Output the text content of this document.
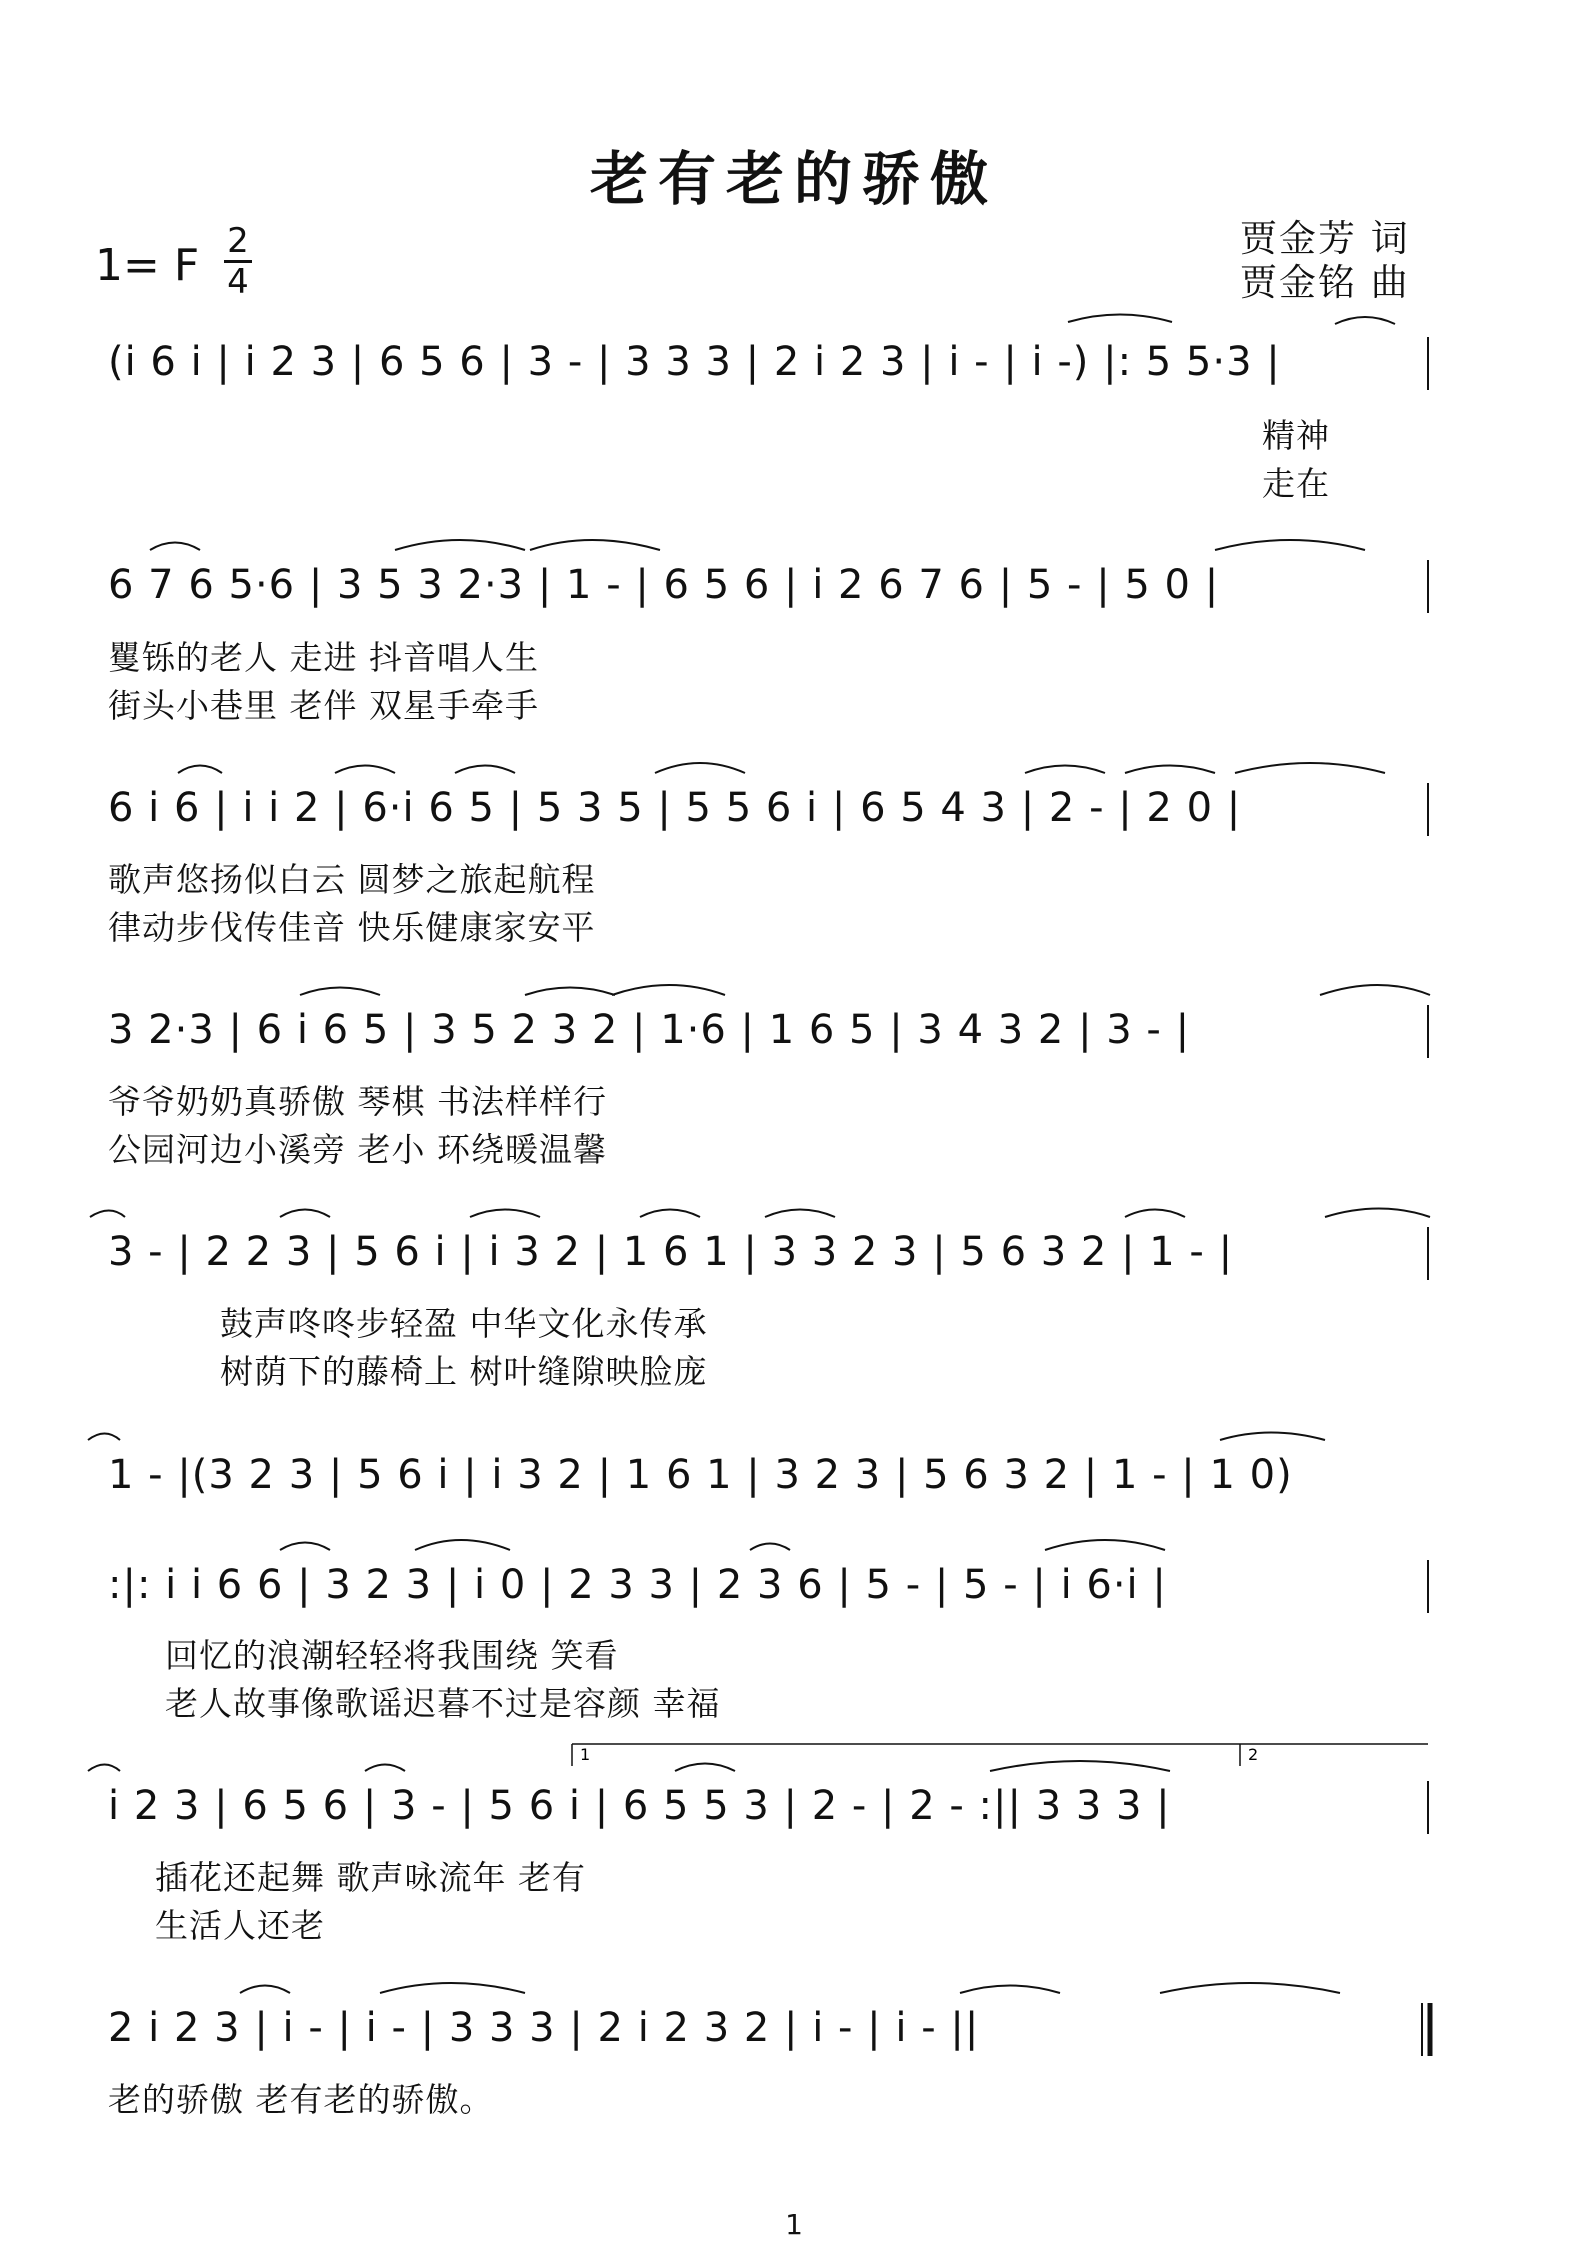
老有老的骄傲
1= F 2
4
贾金芳 词
贾金铭 曲
(i 6 i | i 2 3 | 6 5 6 | 3 - | 3 3 3 | 2 i 2 3 | i - | i -) |: 5 5·3 |
精神
走在
6 7 6 5·6 | 3 5 3 2·3 | 1 - | 6 5 6 | i 2 6 7 6 | 5 - | 5 0 |
矍铄的老人 走进 抖音唱人生
街头小巷里 老伴 双星手牵手
6 i 6 | i i 2 | 6·i 6 5 | 5 3 5 | 5 5 6 i | 6 5 4 3 | 2 - | 2 0 |
歌声悠扬似白云 圆梦之旅起航程
律动步伐传佳音 快乐健康家安平
3 2·3 | 6 i 6 5 | 3 5 2 3 2 | 1·6 | 1 6 5 | 3 4 3 2 | 3 - |
爷爷奶奶真骄傲 琴棋 书法样样行
公园河边小溪旁 老小 环绕暖温馨
3 - | 2 2 3 | 5 6 i | i 3 2 | 1 6 1 | 3 3 2 3 | 5 6 3 2 | 1 - |
鼓声咚咚步轻盈 中华文化永传承
树荫下的藤椅上 树叶缝隙映脸庞
1 - |(3 2 3 | 5 6 i | i 3 2 | 1 6 1 | 3 2 3 | 5 6 3 2 | 1 - | 1 0)
:|: i i 6 6 | 3 2 3 | i 0 | 2 3 3 | 2 3 6 | 5 - | 5 - | i 6·i |
回忆的浪潮轻轻将我围绕 笑看
老人故事像歌谣迟暮不过是容颜 幸福
1	2
i 2 3 | 6 5 6 | 3 - | 5 6 i | 6 5 5 3 | 2 - | 2 - :|| 3 3 3 |
插花还起舞 歌声咏流年 老有
生活人还老
2 i 2 3 | i - | i - | 3 3 3 | 2 i 2 3 2 | i - | i - ||
老的骄傲 老有老的骄傲。
1
